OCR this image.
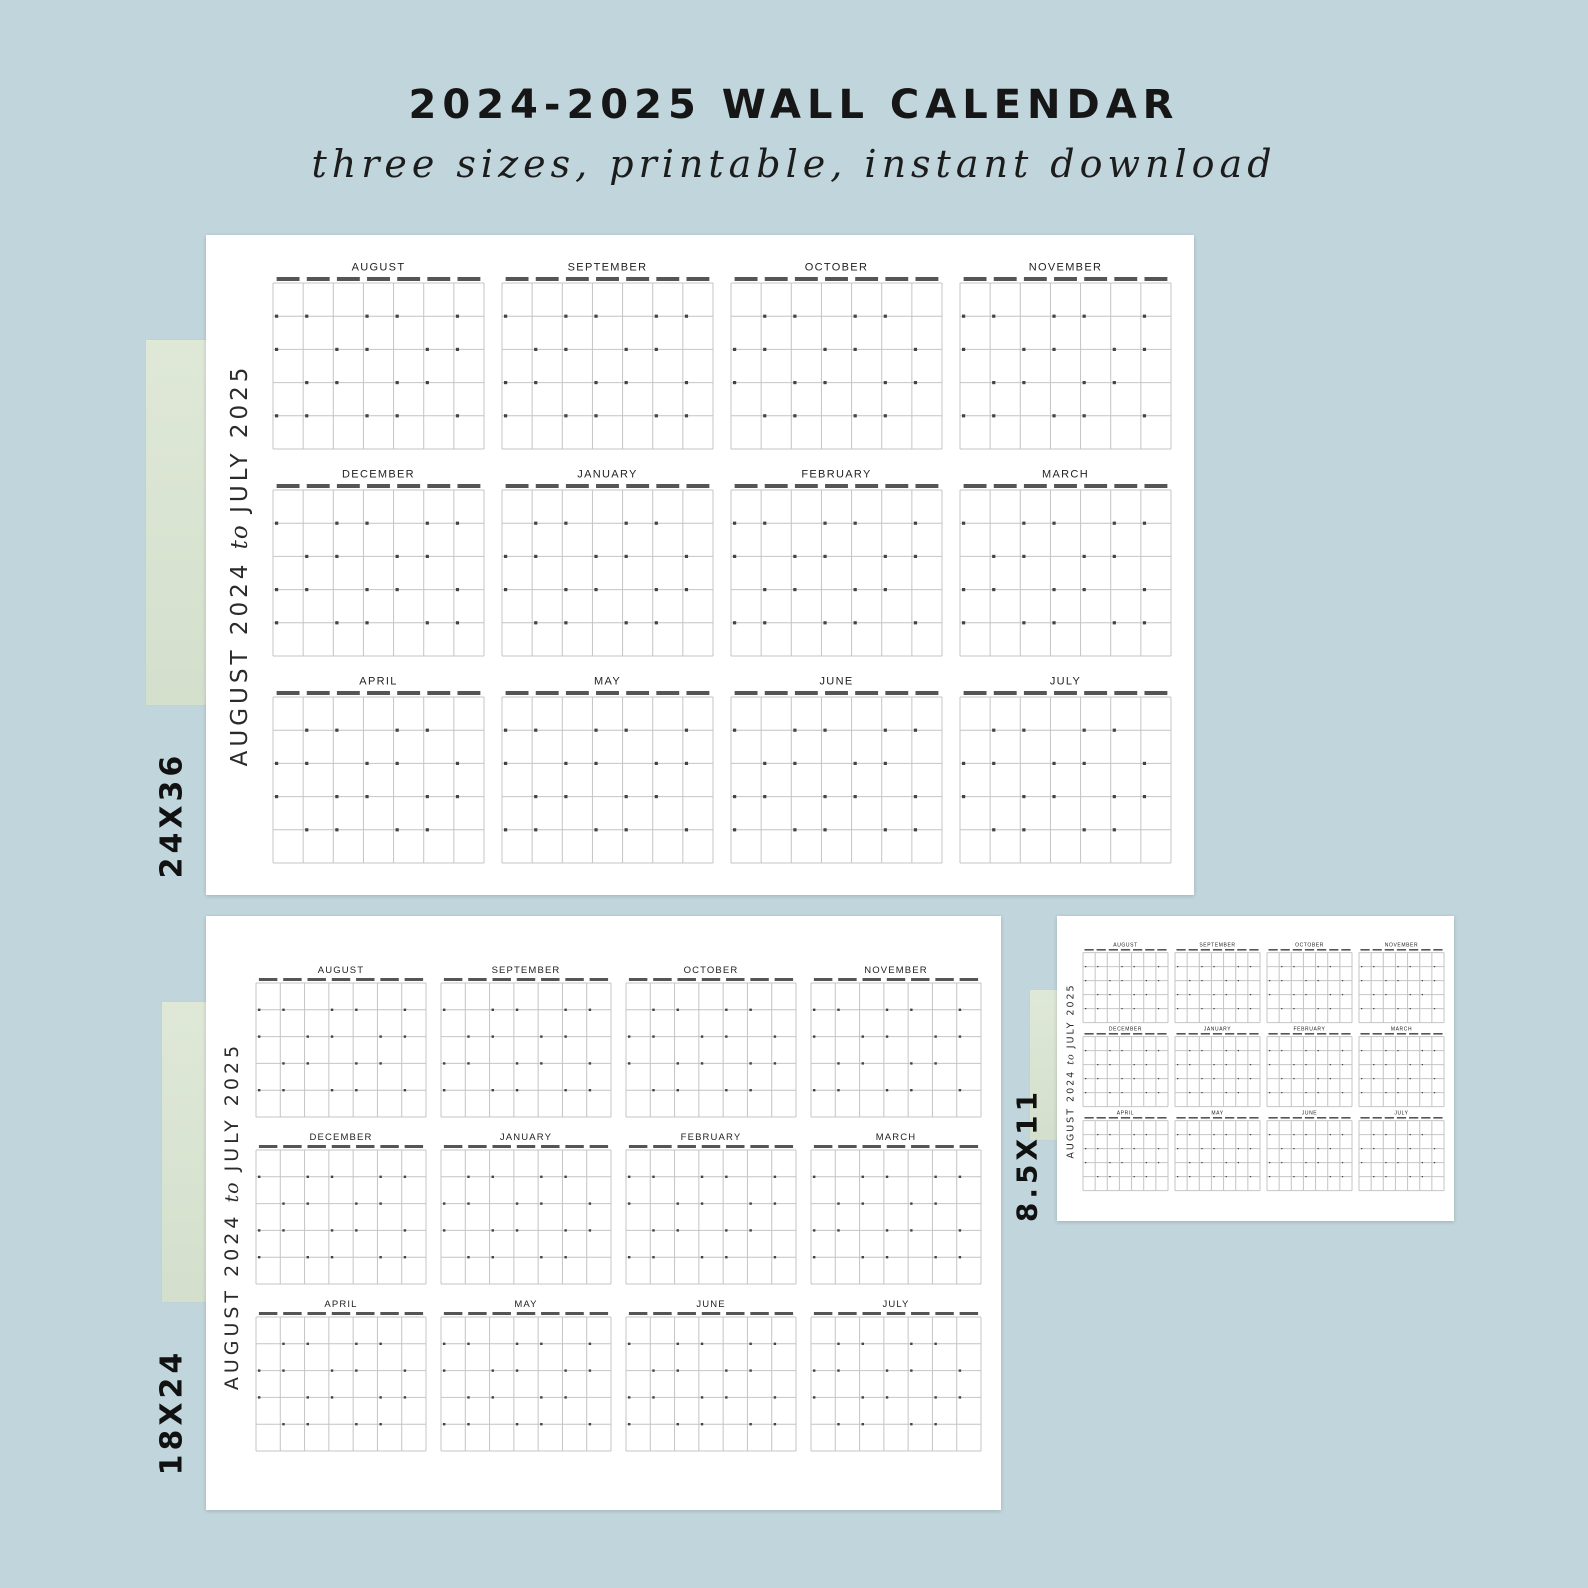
2024-2025 WALL CALENDAR

three sizes, printable, instant download

AUGUST 2024 to JULY 2025
AUGUST	SEPTEMBER	OCTOBER	NOVEMBER
DECEMBER	JANUARY	FEBRUARY	MARCH
APRIL	MAY	JUNE	JULY
24X36
AUGUST 2024 to JULY 2025
AUGUST	SEPTEMBER	OCTOBER	NOVEMBER
DECEMBER	JANUARY	FEBRUARY	MARCH
APRIL	MAY	JUNE	JULY
18X24
AUGUST 2024 to JULY 2025
AUGUST	SEPTEMBER	OCTOBER	NOVEMBER
DECEMBER	JANUARY	FEBRUARY	MARCH
APRIL	MAY	JUNE	JULY
8.5X11
